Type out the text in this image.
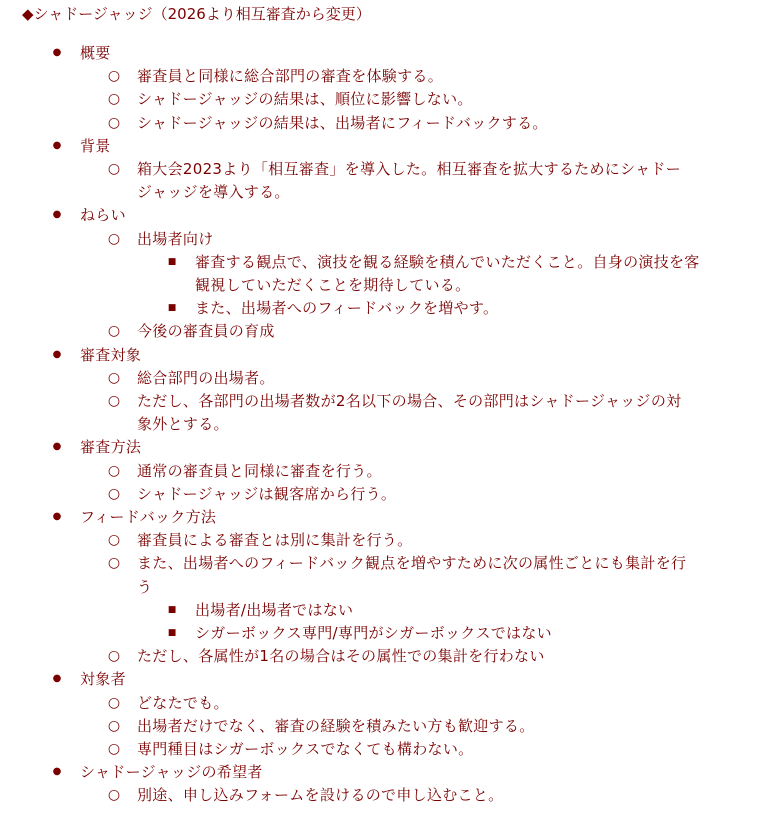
◆シャドージャッジ（2026より相互審査から変更）
●	概要
○ 審査員と同様に総合部門の審査を体験する。
○ シャドージャッジの結果は、順位に影響しない。
○ シャドージャッジの結果は、出場者にフィードバックする。
●	背景
○ 箱大会2023より「相互審査」を導入した。相互審査を拡大するためにシャドー
ジャッジを導入する。
●	ねらい
○ 出場者向け
■	審査する観点で、演技を観る経験を積んでいただくこと。自身の演技を客
観視していただくことを期待している。
■	また、出場者へのフィードバックを増やす。
○ 今後の審査員の育成
●	審査対象
○ 総合部門の出場者。
○ ただし、各部門の出場者数が2名以下の場合、その部門はシャドージャッジの対
象外とする。
●	審査方法
○ 通常の審査員と同様に審査を行う。
○ シャドージャッジは観客席から行う。
●	フィードバック方法
○ 審査員による審査とは別に集計を行う。
○ また、出場者へのフィードバック観点を増やすために次の属性ごとにも集計を行
う
■	出場者/出場者ではない
■	シガーボックス専門/専門がシガーボックスではない
○ ただし、各属性が1名の場合はその属性での集計を行わない
●	対象者
○ どなたでも。
○ 出場者だけでなく、審査の経験を積みたい方も歓迎する。
○ 専門種目はシガーボックスでなくても構わない。
●	シャドージャッジの希望者
○ 別途、申し込みフォームを設けるので申し込むこと。
